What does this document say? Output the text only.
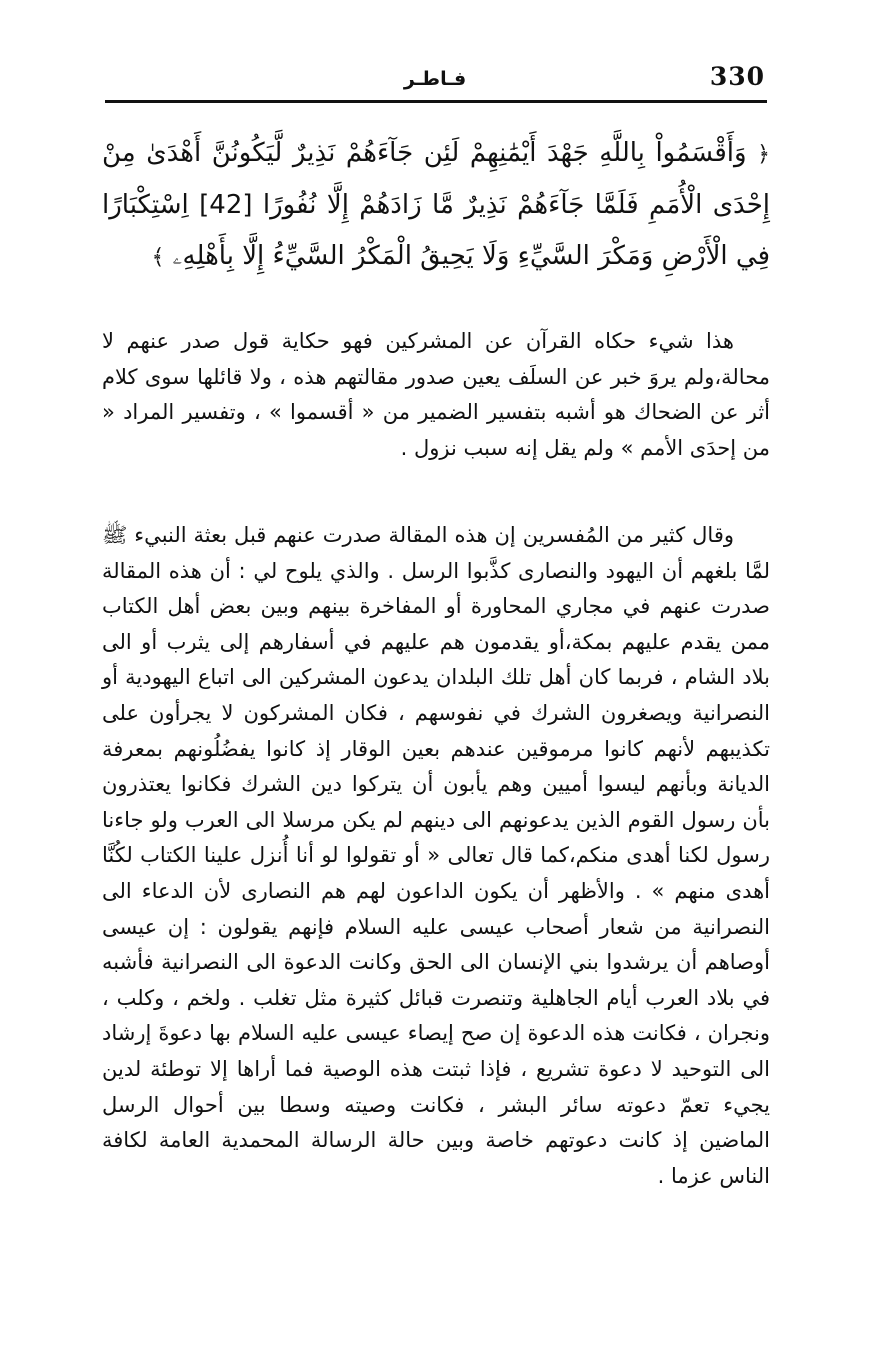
فـاطـر	330
﴿ وَأَقْسَمُواْ بِاللَّهِ جَهْدَ أَيْمَٰنِهِمْ لَئِن جَآءَهُمْ نَذِيرٌ لَّيَكُونُنَّ أَهْدَىٰ مِنْ إِحْدَى الْأُمَمِ فَلَمَّا جَآءَهُمْ نَذِيرٌ مَّا زَادَهُمْ إِلَّا نُفُورًا [42] اِسْتِكْبَارًا فِي الْأَرْضِ وَمَكْرَ السَّيِّءِ وَلَا يَحِيقُ الْمَكْرُ السَّيِّءُ إِلَّا بِأَهْلِهِۦ ﴾

هذا شيء حكاه القرآن عن المشركين فهو حكاية قول صدر عنهم لا محالة،ولم يروَ خبر عن السلَف يعين صدور مقالتهم هذه ، ولا قائلها سوى كلام أثر عن الضحاك هو أشبه بتفسير الضمير من « أقسموا » ، وتفسير المراد « من إحدَى الأمم » ولم يقل إنه سبب نزول .

وقال كثير من المُفسرين إن هذه المقالة صدرت عنهم قبل بعثة النبيء ﷺ لمَّا بلغهم أن اليهود والنصارى كذَّبوا الرسل . والذي يلوح لي : أن هذه المقالة صدرت عنهم في مجاري المحاورة أو المفاخرة بينهم وبين بعض أهل الكتاب ممن يقدم عليهم بمكة،أو يقدمون هم عليهم في أسفارهم إلى يثرب أو الى بلاد الشام ، فربما كان أهل تلك البلدان يدعون المشركين الى اتباع اليهودية أو النصرانية ويصغرون الشرك في نفوسهم ، فكان المشركون لا يجرأون على تكذيبهم لأنهم كانوا مرموقين عندهم بعين الوقار إذ كانوا يفضُلُونهم بمعرفة الديانة وبأنهم ليسوا أميين وهم يأبون أن يتركوا دين الشرك فكانوا يعتذرون بأن رسول القوم الذين يدعونهم الى دينهم لم يكن مرسلا الى العرب ولو جاءنا رسول لكنا أهدى منكم،كما قال تعالى « أو تقولوا لو أنا أُنزل علينا الكتاب لكُنَّا أهدى منهم » . والأظهر أن يكون الداعون لهم هم النصارى لأن الدعاء الى النصرانية من شعار أصحاب عيسى عليه السلام فإنهم يقولون : إن عيسى أوصاهم أن يرشدوا بني الإنسان الى الحق وكانت الدعوة الى النصرانية فأشبه في بلاد العرب أيام الجاهلية وتنصرت قبائل كثيرة مثل تغلب . ولخم ، وكلب ، ونجران ، فكانت هذه الدعوة إن صح إيصاء عيسى عليه السلام بها دعوةَ إرشاد الى التوحيد لا دعوة تشريع ، فإذا ثبتت هذه الوصية فما أراها إلا توطئة لدين يجيء تعمّ دعوته سائر البشر ، فكانت وصيته وسطا بين أحوال الرسل الماضين إذ كانت دعوتهم خاصة وبين حالة الرسالة المحمدية العامة لكافة الناس عزما .
